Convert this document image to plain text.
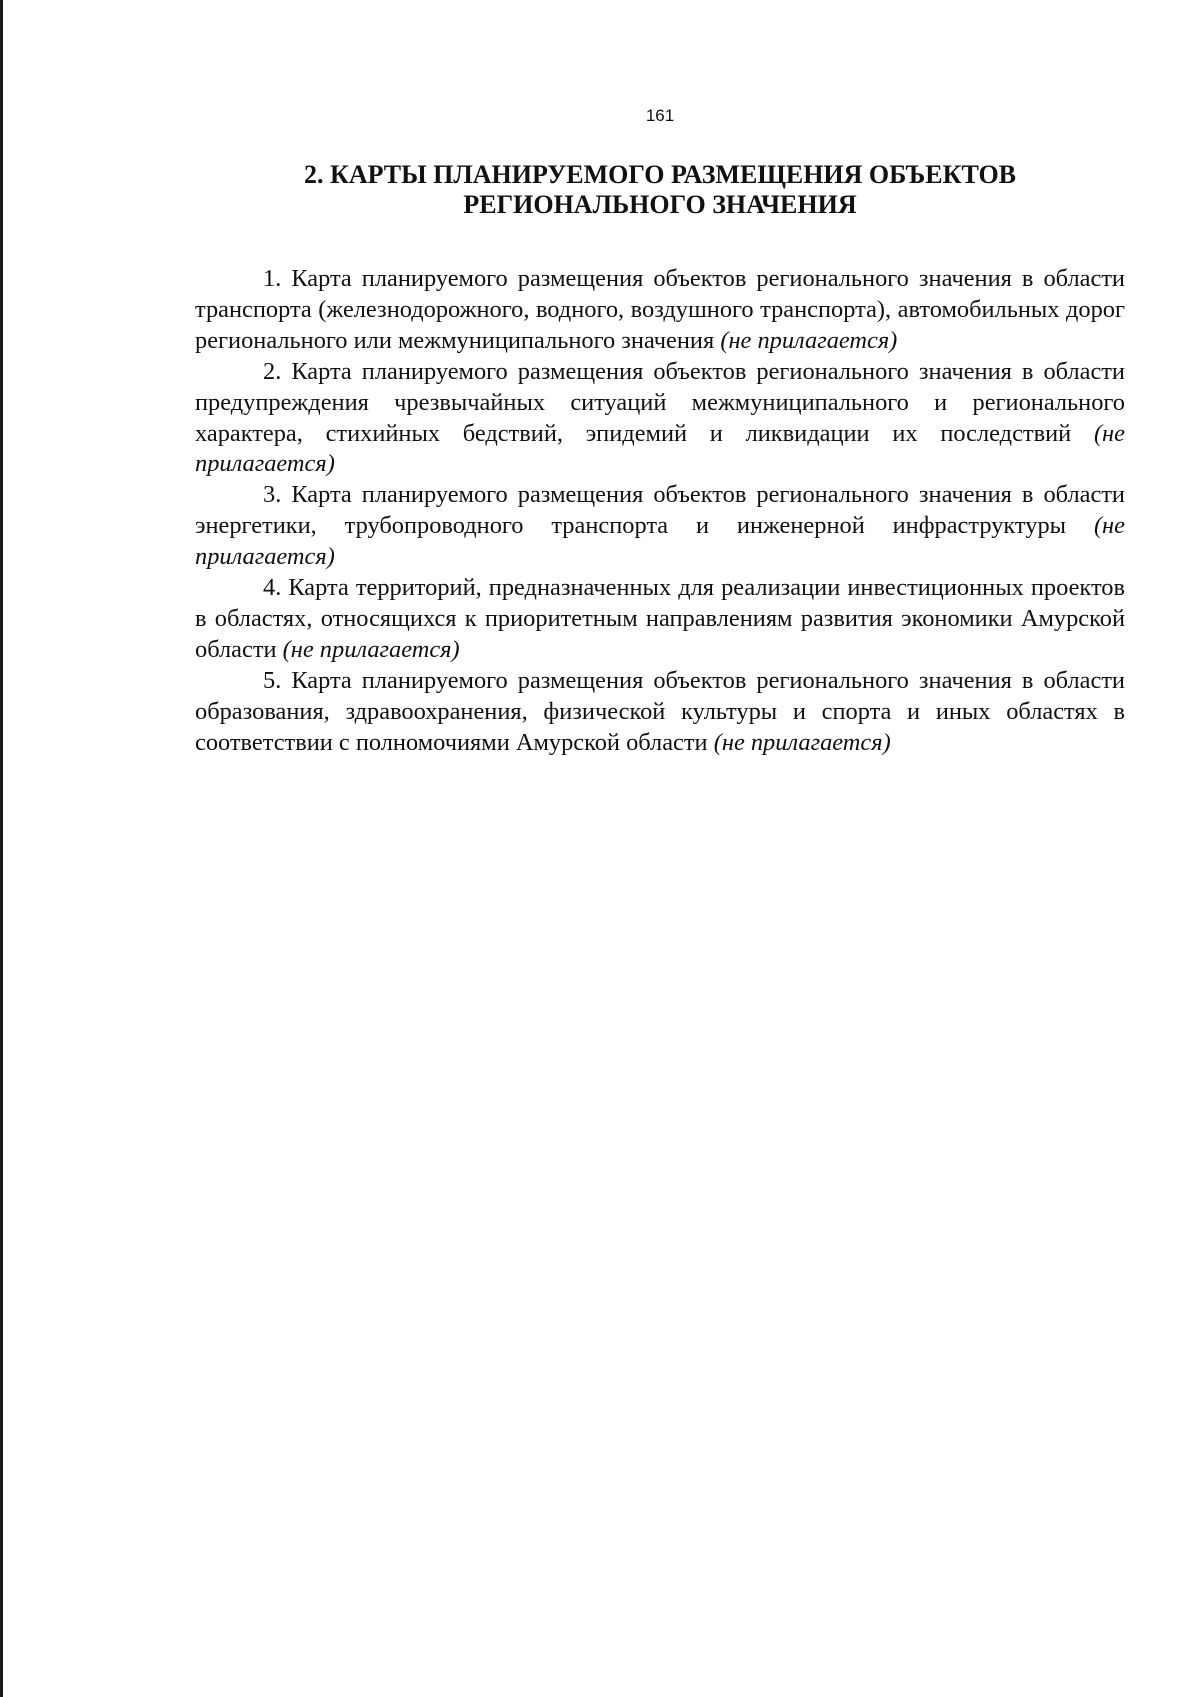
161
2. КАРТЫ ПЛАНИРУЕМОГО РАЗМЕЩЕНИЯ ОБЪЕКТОВ
РЕГИОНАЛЬНОГО ЗНАЧЕНИЯ

1. Карта планируемого размещения объектов регионального значения в области транспорта (железнодорожного, водного, воздушного транспорта), автомобильных дорог регионального или межмуниципального значения (не прилагается)

2. Карта планируемого размещения объектов регионального значения в области предупреждения чрезвычайных ситуаций межмуниципального и регионального характера, стихийных бедствий, эпидемий и ликвидации их последствий (не прилагается)

3. Карта планируемого размещения объектов регионального значения в области энергетики, трубопроводного транспорта и инженерной инфраструктуры (не прилагается)

4. Карта территорий, предназначенных для реализации инвестиционных проектов в областях, относящихся к приоритетным направлениям развития экономики Амурской области (не прилагается)

5. Карта планируемого размещения объектов регионального значения в области образования, здравоохранения, физической культуры и спорта и иных областях в соответствии с полномочиями Амурской области (не прилагается)
